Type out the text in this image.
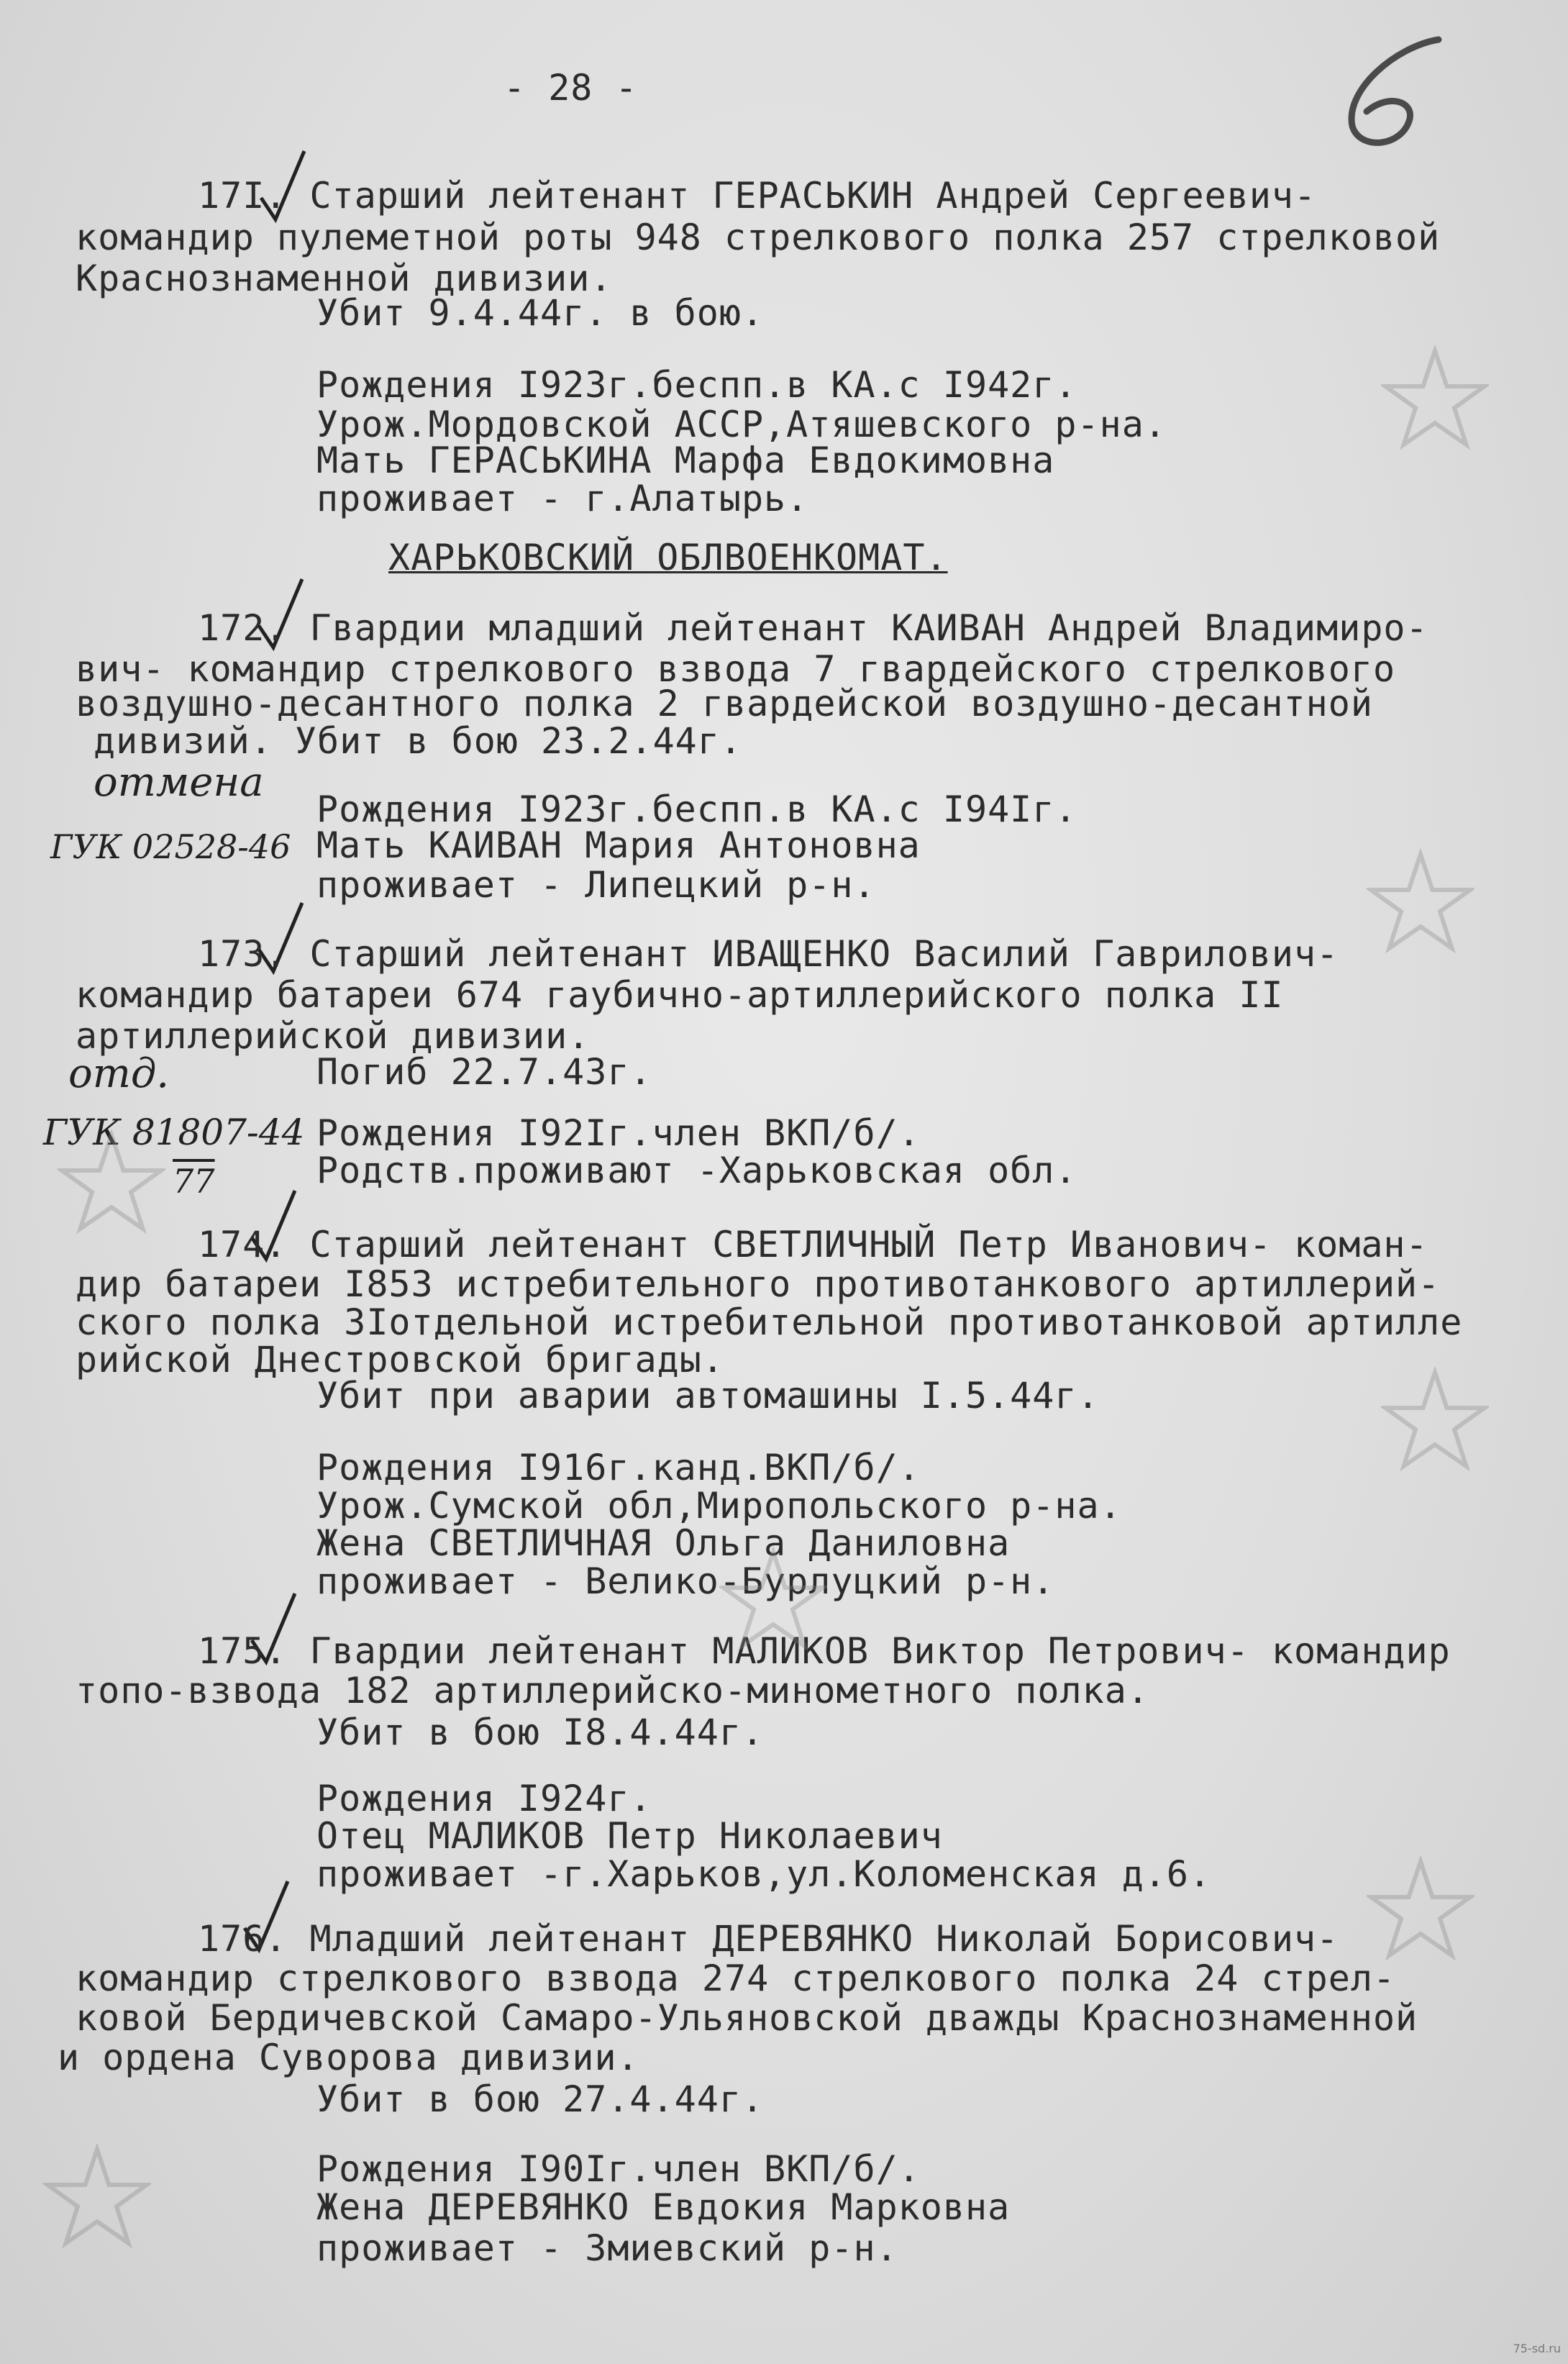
- 28 -
17I. Старший лейтенант ГЕРАСЬКИН Андрей Сергеевич-
командир пулеметной роты 948 стрелкового полка 257 стрелковой
Краснознаменной дивизии.
Убит 9.4.44г. в бою.
Рождения I923г.беспп.в КА.с I942г.
Урож.Мордовской АССР,Атяшевского р-на.
Мать ГЕРАСЬКИНА Марфа Евдокимовна
проживает - г.Алатырь.
ХАРЬКОВСКИЙ ОБЛВОЕНКОМАТ.
172. Гвардии младший лейтенант КАИВАН Андрей Владимиро-
вич- командир стрелкового взвода 7 гвардейского стрелкового
воздушно-десантного полка 2 гвардейской воздушно-десантной
дивизий. Убит в бою 23.2.44г.
отмена
Рождения I923г.беспп.в КА.с I94Iг.
ГУК 02528-46 Мать КАИВАН Мария Антоновна
проживает - Липецкий р-н.
173. Старший лейтенант ИВАЩЕНКО Василий Гаврилович-
командир батареи 674 гаубично-артиллерийского полка II
артиллерийской дивизии.
отд.	Погиб 22.7.43г.
ГУК 81807-44 Рождения I92Iг.член ВКП/б/.
77	Родств.проживают -Харьковская обл.
174. Старший лейтенант СВЕТЛИЧНЫЙ Петр Иванович- коман-
дир батареи I853 истребительного противотанкового артиллерий-
ского полка 3Iотдельной истребительной противотанковой артилле
рийской Днестровской бригады.
Убит при аварии автомашины I.5.44г.
Рождения I916г.канд.ВКП/б/.
Урож.Сумской обл,Миропольского р-на.
Жена СВЕТЛИЧНАЯ Ольга Даниловна
проживает - Велико-Бурлуцкий р-н.
175. Гвардии лейтенант МАЛИКОВ Виктор Петрович- командир
топо-взвода 182 артиллерийско-минометного полка.
Убит в бою I8.4.44г.
Рождения I924г.
Отец МАЛИКОВ Петр Николаевич
проживает -г.Харьков,ул.Коломенская д.6.
176. Младший лейтенант ДЕРЕВЯНКО Николай Борисович-
командир стрелкового взвода 274 стрелкового полка 24 стрел-
ковой Бердичевской Самаро-Ульяновской дважды Краснознаменной
и ордена Суворова дивизии.
Убит в бою 27.4.44г.
Рождения I90Iг.член ВКП/б/.
Жена ДЕРЕВЯНКО Евдокия Марковна
проживает - Змиевский р-н.
75-sd.ru
